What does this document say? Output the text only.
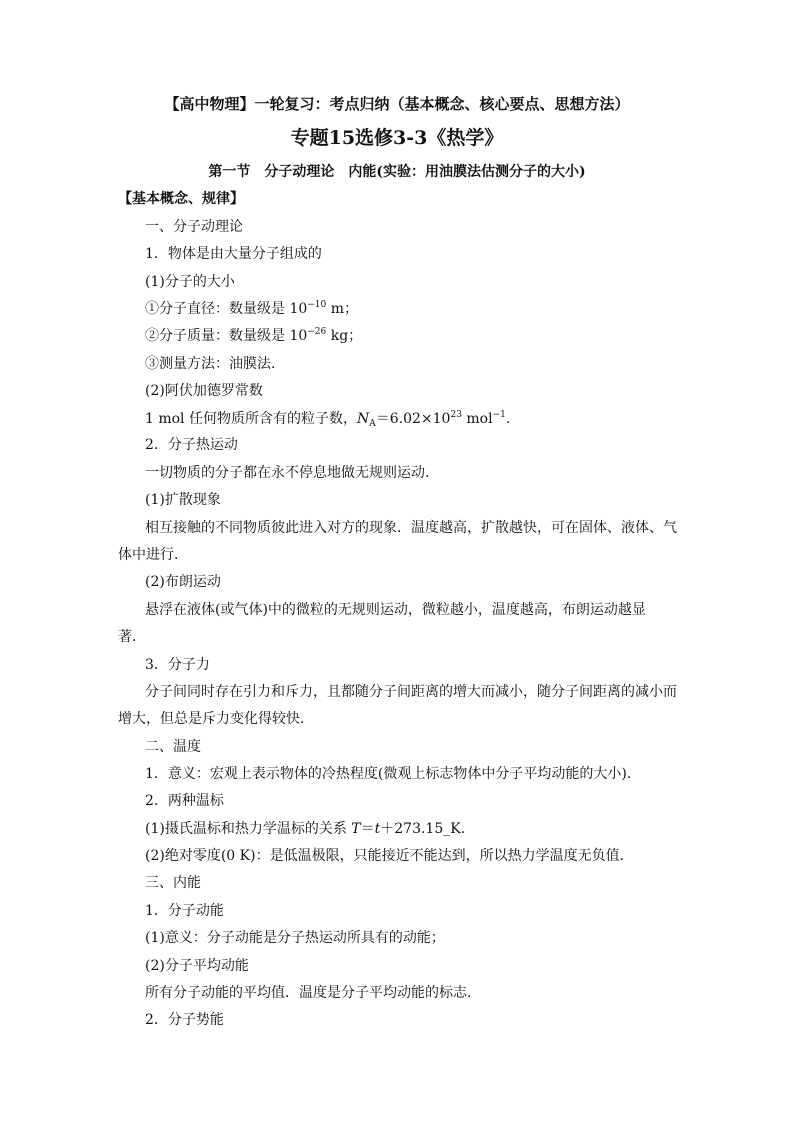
【高中物理】一轮复习：考点归纳（基本概念、核心要点、思想方法）
专题15选修3-3《热学》
第一节　分子动理论　内能(实验：用油膜法估测分子的大小)
【基本概念、规律】
一、分子动理论
1．物体是由大量分子组成的
(1)分子的大小
①分子直径：数量级是 $10^{-10}$ m；
②分子质量：数量级是 $10^{-26}$ kg；
③测量方法：油膜法．
(2)阿伏加德罗常数
1 mol 任何物质所含有的粒子数，$N_A=6.02\times 10^{23}$ mol$^{-1}$.
2．分子热运动
一切物质的分子都在永不停息地做无规则运动．
(1)扩散现象
相互接触的不同物质彼此进入对方的现象．温度越高，扩散越快，可在固体、液体、气
体中进行．
(2)布朗运动
悬浮在液体(或气体)中的微粒的无规则运动，微粒越小，温度越高，布朗运动越显
著．
3．分子力
分子间同时存在引力和斥力，且都随分子间距离的增大而减小，随分子间距离的减小而
增大，但总是斥力变化得较快．
二、温度
1．意义：宏观上表示物体的冷热程度(微观上标志物体中分子平均动能的大小)．
2．两种温标
(1)摄氏温标和热力学温标的关系 T＝t＋273.15_K.
(2)绝对零度(0 K)：是低温极限，只能接近不能达到，所以热力学温度无负值．
三、内能
1．分子动能
(1)意义：分子动能是分子热运动所具有的动能；
(2)分子平均动能
所有分子动能的平均值．温度是分子平均动能的标志．
2．分子势能
